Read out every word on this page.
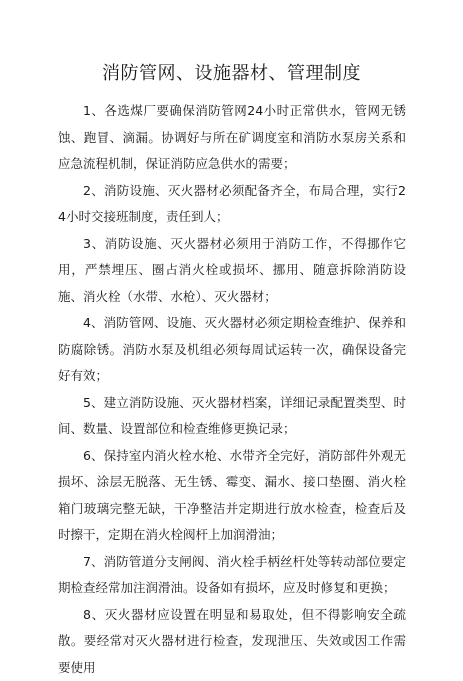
消防管网、设施器材、管理制度

1、各选煤厂要确保消防管网24小时正常供水，管网无锈蚀、跑冒、滴漏。协调好与所在矿调度室和消防水泵房关系和应急流程机制，保证消防应急供水的需要；

2、消防设施、灭火器材必须配备齐全，布局合理，实行24小时交接班制度，责任到人；

3、消防设施、灭火器材必须用于消防工作，不得挪作它用，严禁埋压、圈占消火栓或损坏、挪用、随意拆除消防设施、消火栓（水带、水枪）、灭火器材；

4、消防管网、设施、灭火器材必须定期检查维护、保养和防腐除锈。消防水泵及机组必须每周试运转一次，确保设备完好有效；

5、建立消防设施、灭火器材档案，详细记录配置类型、时间、数量、设置部位和检查维修更换记录；

6、保持室内消火栓水枪、水带齐全完好，消防部件外观无损坏、涂层无脱落、无生锈、霉变、漏水、接口垫圈、消火栓箱门玻璃完整无缺，干净整洁并定期进行放水检查，检查后及时擦干，定期在消火栓阀杆上加润滑油；

7、消防管道分支闸阀、消火栓手柄丝杆处等转动部位要定期检查经常加注润滑油。设备如有损坏，应及时修复和更换；

8、灭火器材应设置在明显和易取处，但不得影响安全疏散。要经常对灭火器材进行检查，发现泄压、失效或因工作需要使用
